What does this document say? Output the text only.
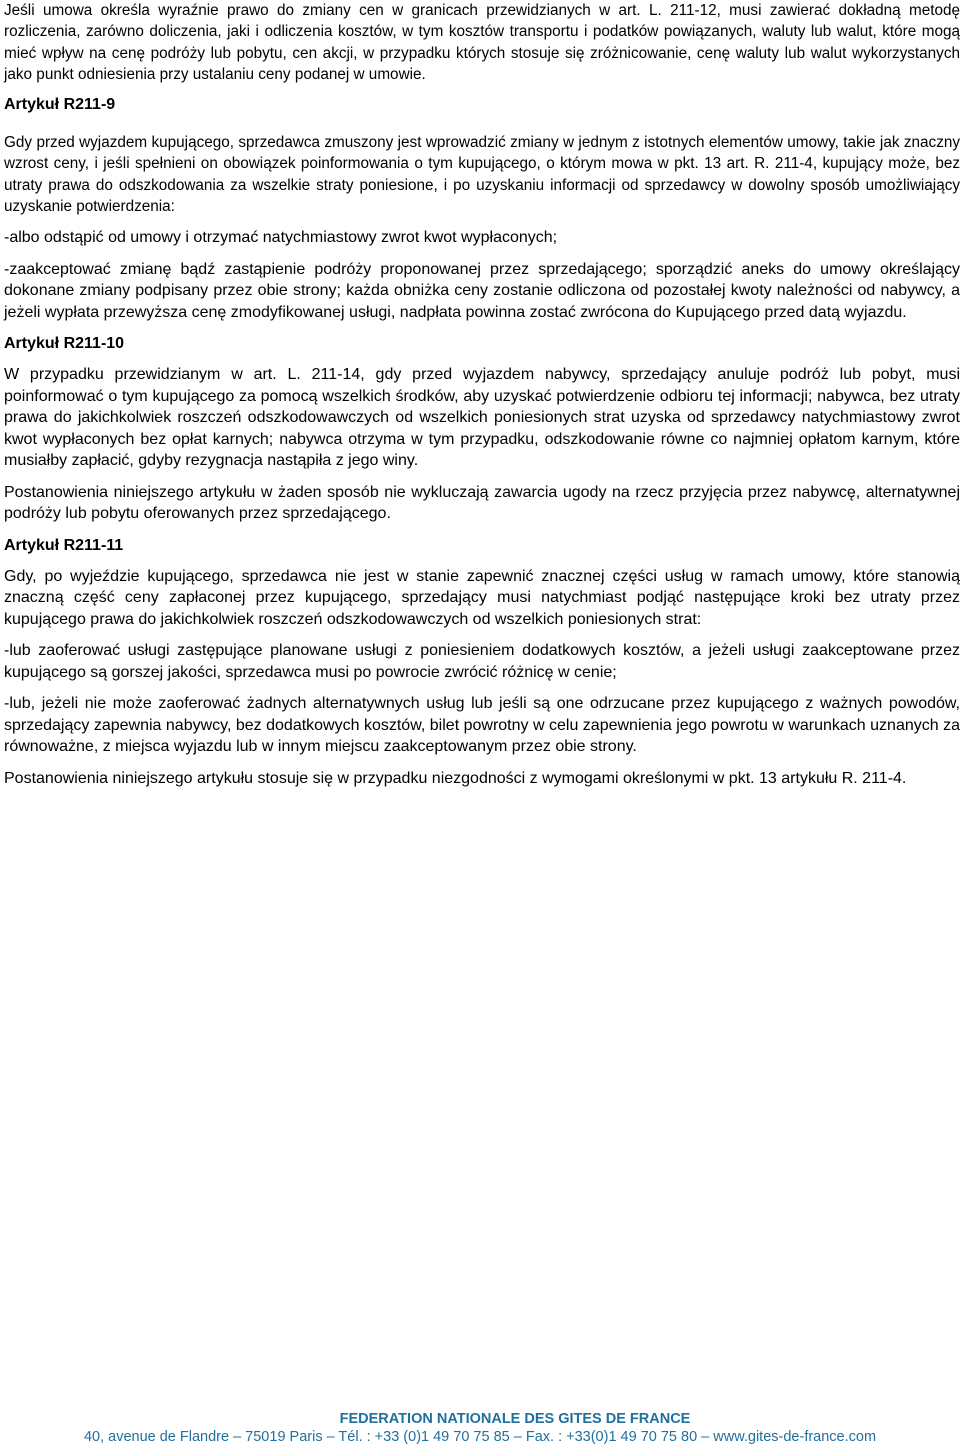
Jeśli umowa określa wyraźnie prawo do zmiany cen w granicach przewidzianych w art. L. 211-12, musi zawierać dokładną metodę rozliczenia, zarówno doliczenia, jaki i odliczenia kosztów, w tym kosztów transportu i podatków powiązanych, waluty lub walut, które mogą mieć wpływ na cenę podróży lub pobytu, cen akcji, w przypadku których stosuje się zróżnicowanie, cenę waluty lub walut wykorzystanych jako punkt odniesienia przy ustalaniu ceny podanej w umowie.

Artykuł R211-9

Gdy przed wyjazdem kupującego, sprzedawca zmuszony jest wprowadzić zmiany w jednym z istotnych elementów umowy, takie jak znaczny wzrost ceny, i jeśli spełnieni on obowiązek poinformowania o tym kupującego, o którym mowa w pkt. 13 art. R. 211-4, kupujący może, bez utraty prawa do odszkodowania za wszelkie straty poniesione, i po uzyskaniu informacji od sprzedawcy w dowolny sposób umożliwiający uzyskanie potwierdzenia:

-albo odstąpić od umowy i otrzymać natychmiastowy zwrot kwot wypłaconych;

-zaakceptować zmianę bądź zastąpienie podróży proponowanej przez sprzedającego; sporządzić aneks do umowy określający dokonane zmiany podpisany przez obie strony; każda obniżka ceny zostanie odliczona od pozostałej kwoty należności od nabywcy, a jeżeli wypłata przewyższa cenę zmodyfikowanej usługi, nadpłata powinna zostać zwrócona do Kupującego przed datą wyjazdu.

Artykuł R211-10

W przypadku przewidzianym w art. L. 211-14, gdy przed wyjazdem nabywcy, sprzedający anuluje podróż lub pobyt, musi poinformować o tym kupującego za pomocą wszelkich środków, aby uzyskać potwierdzenie odbioru tej informacji; nabywca, bez utraty prawa do jakichkolwiek roszczeń odszkodowawczych od wszelkich poniesionych strat uzyska od sprzedawcy natychmiastowy zwrot kwot wypłaconych bez opłat karnych; nabywca otrzyma w tym przypadku, odszkodowanie równe co najmniej opłatom karnym, które musiałby zapłacić, gdyby rezygnacja nastąpiła z jego winy.

Postanowienia niniejszego artykułu w żaden sposób nie wykluczają zawarcia ugody na rzecz przyjęcia przez nabywcę, alternatywnej podróży lub pobytu oferowanych przez sprzedającego.

Artykuł R211-11

Gdy, po wyjeździe kupującego, sprzedawca nie jest w stanie zapewnić znacznej części usług w ramach umowy, które stanowią znaczną część ceny zapłaconej przez kupującego, sprzedający musi natychmiast podjąć następujące kroki bez utraty przez kupującego prawa do jakichkolwiek roszczeń odszkodowawczych od wszelkich poniesionych strat:

-lub zaoferować usługi zastępujące planowane usługi z poniesieniem dodatkowych kosztów, a jeżeli usługi zaakceptowane przez kupującego są gorszej jakości, sprzedawca musi po powrocie zwrócić różnicę w cenie;

-lub, jeżeli nie może zaoferować żadnych alternatywnych usług lub jeśli są one odrzucane przez kupującego z ważnych powodów, sprzedający zapewnia nabywcy, bez dodatkowych kosztów, bilet powrotny w celu zapewnienia jego powrotu w warunkach uznanych za równoważne, z miejsca wyjazdu lub w innym miejscu zaakceptowanym przez obie strony.

Postanowienia niniejszego artykułu stosuje się w przypadku niezgodności z wymogami określonymi w pkt. 13 artykułu R. 211-4.

FEDERATION NATIONALE DES GITES DE FRANCE
40, avenue de Flandre – 75019 Paris – Tél. : +33 (0)1 49 70 75 85 – Fax. : +33(0)1 49 70 75 80 – www.gites-de-france.com
